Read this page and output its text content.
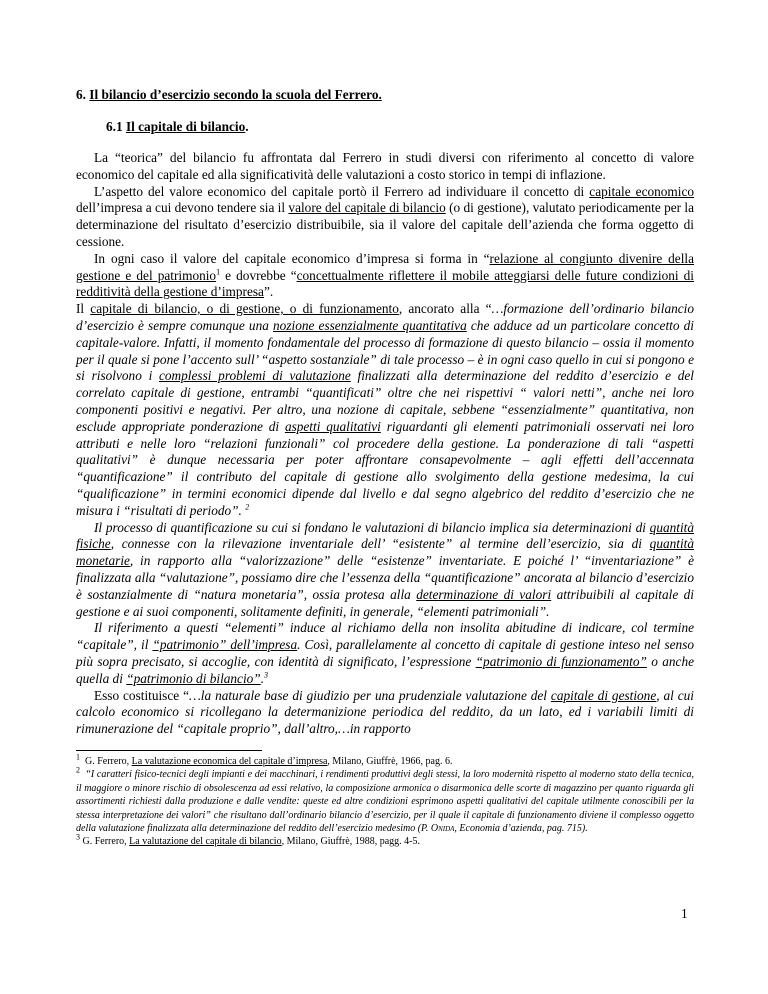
6. Il bilancio d’esercizio secondo la scuola del Ferrero.
6.1 Il capitale di bilancio.

La “teorica” del bilancio fu affrontata dal Ferrero in studi diversi con riferimento al concetto di valore economico del capitale ed alla significatività delle valutazioni a costo storico in tempi di inflazione.

L’aspetto del valore economico del capitale portò il Ferrero ad individuare il concetto di capitale economico dell’impresa a cui devono tendere sia il valore del capitale di bilancio (o di gestione), valutato periodicamente per la determinazione del risultato d’esercizio distribuibile, sia il valore del capitale dell’azienda che forma oggetto di cessione.

In ogni caso il valore del capitale economico d’impresa si forma in “relazione al congiunto divenire della gestione e del patrimonio$^1$ e dovrebbe “concettualmente riflettere il mobile atteggiarsi delle future condizioni di redditività della gestione d’impresa”.

Il capitale di bilancio, o di gestione, o di funzionamento, ancorato alla “…formazione dell’ordinario bilancio d’esercizio è sempre comunque una nozione essenzialmente quantitativa che adduce ad un particolare concetto di capitale-valore. Infatti, il momento fondamentale del processo di formazione di questo bilancio – ossia il momento per il quale si pone l’accento sull’ “aspetto sostanziale” di tale processo – è in ogni caso quello in cui si pongono e si risolvono i complessi problemi di valutazione finalizzati alla determinazione del reddito d’esercizio e del correlato capitale di gestione, entrambi “quantificati” oltre che nei rispettivi “ valori netti”, anche nei loro componenti positivi e negativi. Per altro, una nozione di capitale, sebbene “essenzialmente” quantitativa, non esclude appropriate ponderazione di aspetti qualitativi riguardanti gli elementi patrimoniali osservati nei loro attributi e nelle loro “relazioni funzionali” col procedere della gestione. La ponderazione di tali “aspetti qualitativi” è dunque necessaria per poter affrontare consapevolmente – agli effetti dell’accennata “quantificazione” il contributo del capitale di gestione allo svolgimento della gestione medesima, la cui “qualificazione” in termini economici dipende dal livello e dal segno algebrico del reddito d’esercizio che ne misura i “risultati di periodo”. $^2$

Il processo di quantificazione su cui si fondano le valutazioni di bilancio implica sia determinazioni di quantità fisiche, connesse con la rilevazione inventariale dell’ “esistente” al termine dell’esercizio, sia di quantità monetarie, in rapporto alla “valorizzazione” delle “esistenze” inventariate. E poiché l’ “inventariazione” è finalizzata alla “valutazione”, possiamo dire che l’essenza della “quantificazione” ancorata al bilancio d’esercizio è sostanzialmente di “natura monetaria”, ossia protesa alla determinazione di valori attribuibili al capitale di gestione e ai suoi componenti, solitamente definiti, in generale, “elementi patrimoniali”.

Il riferimento a questi “elementi” induce al richiamo della non insolita abitudine di indicare, col termine “capitale”, il “patrimonio” dell’impresa. Così, parallelamente al concetto di capitale di gestione inteso nel senso più sopra precisato, si accoglie, con identità di significato, l’espressione “patrimonio di funzionamento” o anche quella di “patrimonio di bilancio”.$^3$

Esso costituisce “…la naturale base di giudizio per una prudenziale valutazione del capitale di gestione, al cui calcolo economico si ricollegano la determanizione periodica del reddito, da un lato, ed i variabili limiti di rimunerazione del “capitale proprio”, dall’altro,…in rapporto

$^1$ G. Ferrero, La valutazione economica del capitale d’impresa, Milano, Giuffrè, 1966, pag. 6.

$^2$ “I caratteri fisico-tecnici degli impianti e dei macchinari, i rendimenti produttivi degli stessi, la loro modernità rispetto al moderno stato della tecnica, il maggiore o minore rischio di obsolescenza ad essi relativo, la composizione armonica o disarmonica delle scorte di magazzino per quanto riguarda gli assortimenti richiesti dalla produzione e dalle vendite: queste ed altre condizioni esprimono aspetti qualitativi del capitale utilmente conoscibili per la stessa interpretazione dei valori” che risultano dall’ordinario bilancio d’esercizio, per il quale il capitale di funzionamento diviene il complesso oggetto della valutazione finalizzata alla determinazione del reddito dell’esercizio medesimo (P. Onida, Economia d’azienda, pag. 715).

$^3$ G. Ferrero, La valutazione del capitale di bilancio, Milano, Giuffrè, 1988, pagg. 4-5.

1
